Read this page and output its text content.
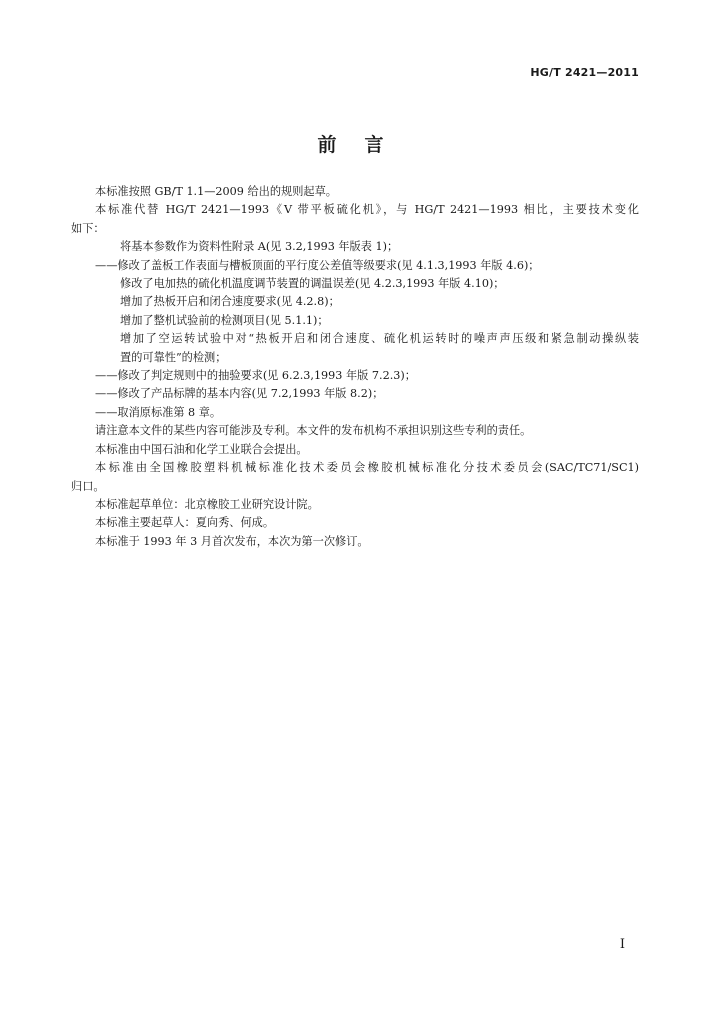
HG/T 2421—2011
前言

本标准按照 GB/T 1.1—2009 给出的规则起草。

本标准代替 HG/T 2421—1993《V 带平板硫化机》，与 HG/T 2421—1993 相比，主要技术变化

如下：

将基本参数作为资料性附录 A(见 3.2,1993 年版表 1)；

——修改了盖板工作表面与槽板顶面的平行度公差值等级要求(见 4.1.3,1993 年版 4.6)；

修改了电加热的硫化机温度调节装置的调温误差(见 4.2.3,1993 年版 4.10)；

增加了热板开启和闭合速度要求(见 4.2.8)；

增加了整机试验前的检测项目(见 5.1.1)；

增加了空运转试验中对“热板开启和闭合速度、硫化机运转时的噪声声压级和紧急制动操纵装

置的可靠性”的检测；

——修改了判定规则中的抽验要求(见 6.2.3,1993 年版 7.2.3)；

——修改了产品标牌的基本内容(见 7.2,1993 年版 8.2)；

——取消原标准第 8 章。

请注意本文件的某些内容可能涉及专利。本文件的发布机构不承担识别这些专利的责任。

本标准由中国石油和化学工业联合会提出。

本标准由全国橡胶塑料机械标准化技术委员会橡胶机械标准化分技术委员会(SAC/TC71/SC1)

归口。

本标准起草单位：北京橡胶工业研究设计院。

本标准主要起草人：夏向秀、何成。

本标准于 1993 年 3 月首次发布，本次为第一次修订。

Ⅰ
